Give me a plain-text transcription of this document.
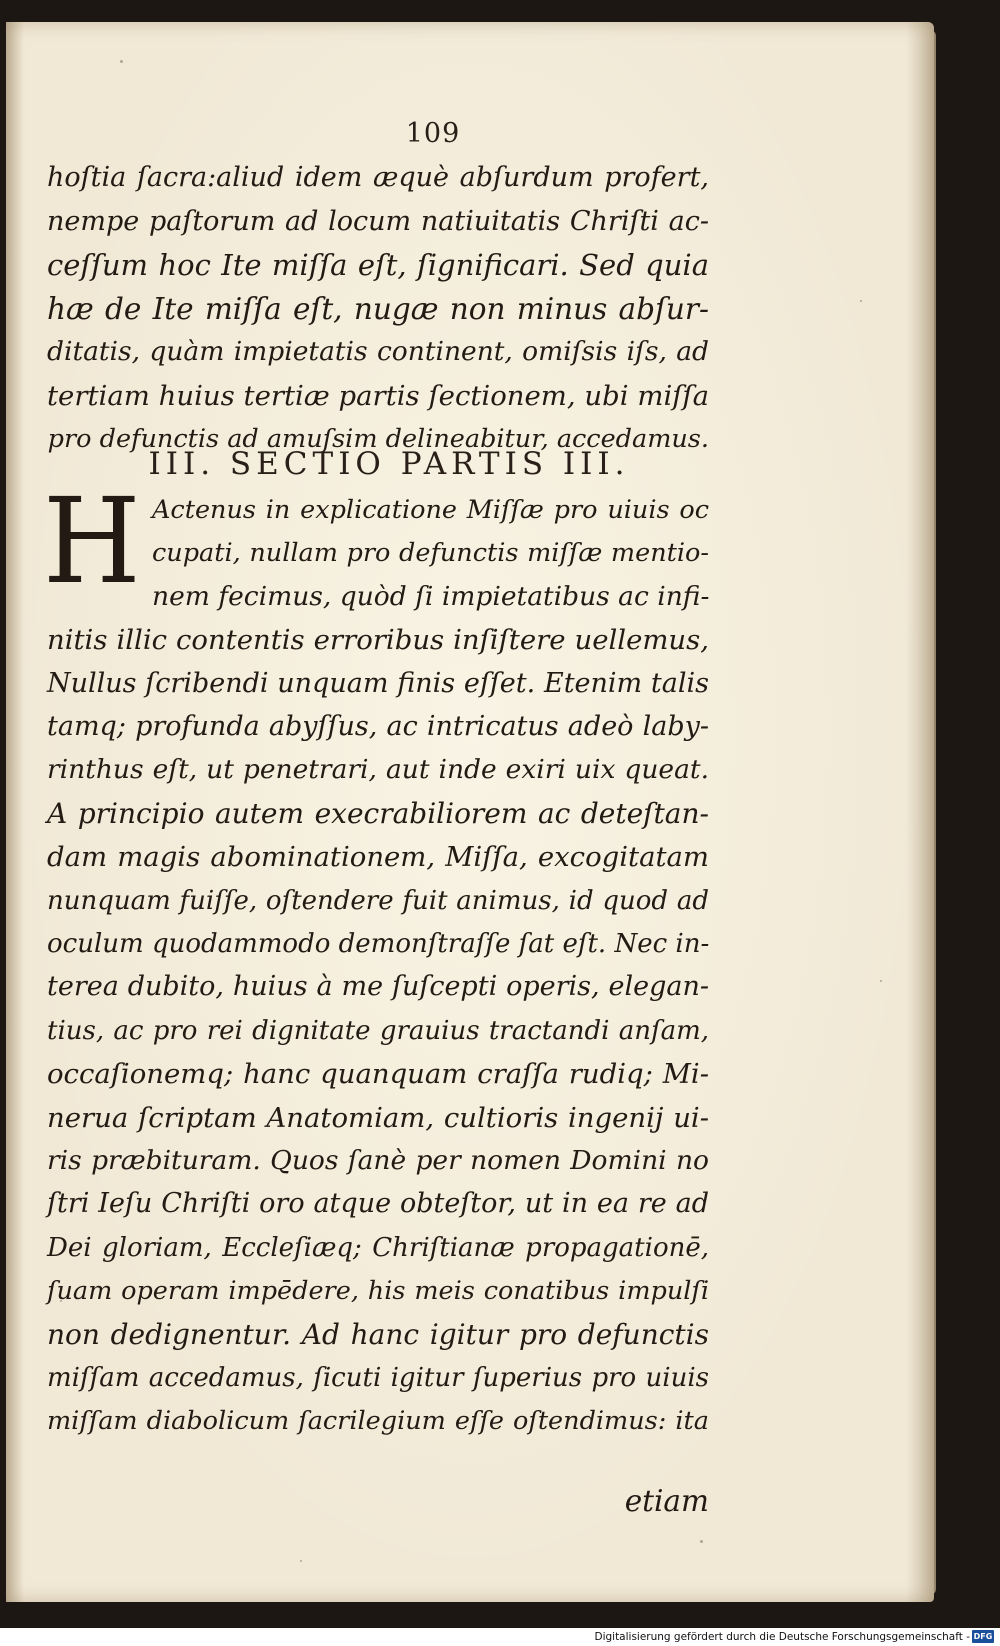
109
hoſtia ſacra:aliud idem æquè abſurdum profert,
nempe paſtorum ad locum natiuitatis Chriſti ac-
ceſſum hoc Ite miſſa eſt, ſignificari. Sed quia
hæ de Ite miſſa eſt, nugæ non minus abſur-
ditatis, quàm impietatis continent, omiſsis iſs, ad
tertiam huius tertiæ partis ſectionem, ubi miſſa
pro defunctis ad amuſsim delineabitur, accedamus.
III. SECTIO PARTIS III.
H Actenus in explicatione Miſſæ pro uiuis oc
cupati, nullam pro defunctis miſſæ mentio-
nem fecimus, quòd ſi impietatibus ac infi-
nitis illic contentis erroribus inſiſtere uellemus,
Nullus ſcribendi unquam finis eſſet. Etenim talis
tamq; profunda abyſſus, ac intricatus adeò laby-
rinthus eſt, ut penetrari, aut inde exiri uix queat.
A principio autem execrabiliorem ac deteſtan-
dam magis abominationem, Miſſa, excogitatam
nunquam fuiſſe, oſtendere fuit animus, id quod ad
oculum quodammodo demonſtraſſe ſat eſt. Nec in-
terea dubito, huius à me ſuſcepti operis, elegan-
tius, ac pro rei dignitate grauius tractandi anſam,
occaſionemq; hanc quanquam craſſa rudiq; Mi-
nerua ſcriptam Anatomiam, cultioris ingenij ui-
ris præbituram. Quos ſanè per nomen Domini no
ſtri Ieſu Chriſti oro atque obteſtor, ut in ea re ad
Dei gloriam, Eccleſiæq; Chriſtianæ propagationē,
ſuam operam impēdere, his meis conatibus impulſi
non dedignentur. Ad hanc igitur pro defunctis
miſſam accedamus, ſicuti igitur ſuperius pro uiuis
miſſam diabolicum ſacrilegium eſſe oſtendimus: ita
etiam
Digitalisierung gefördert durch die Deutsche Forschungsgemeinschaft - DFG
